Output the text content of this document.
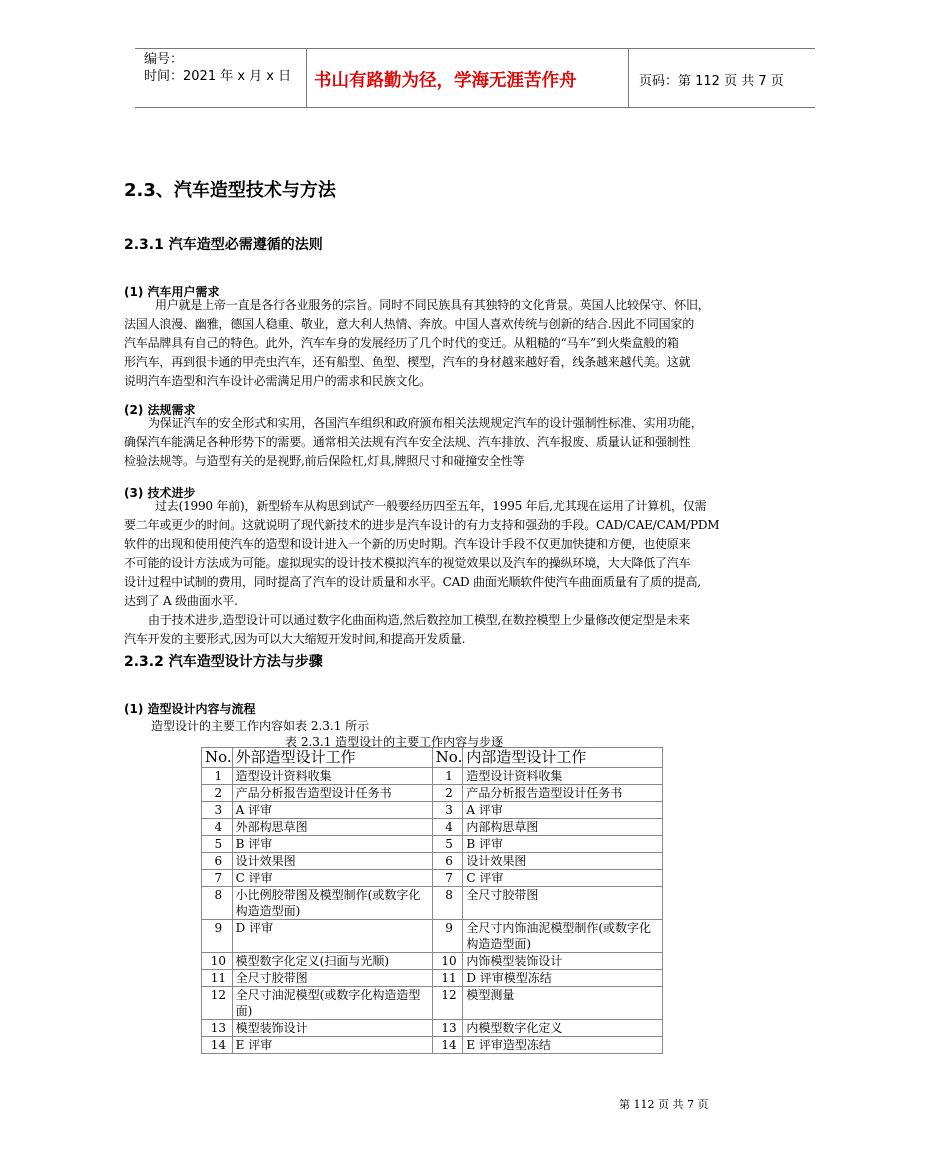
编号：
时间：2021 年 x 月 x 日 书山有路勤为径，学海无涯苦作舟	页码：第 112 页 共 7 页
2.3、汽车造型技术与方法
2.3.1 汽车造型必需遵循的法则
(1) 汽车用户需求
用户就是上帝一直是各行各业服务的宗旨。同时不同民族具有其独特的文化背景。英国人比较保守、怀旧，
法国人浪漫、幽雅，德国人稳重、敬业，意大利人热情、奔放。中国人喜欢传统与创新的结合.因此不同国家的
汽车品牌具有自己的特色。此外，汽车车身的发展经历了几个时代的变迁。从粗糙的“马车”到火柴盒般的箱
形汽车，再到很卡通的甲壳虫汽车，还有船型、鱼型、楔型，汽车的身材越来越好看，线条越来越代美。这就
说明汽车造型和汽车设计必需满足用户的需求和民族文化。
(2) 法规需求
为保证汽车的安全形式和实用，各国汽车组织和政府颁布相关法规规定汽车的设计强制性标准、实用功能，
确保汽车能满足各种形势下的需要。通常相关法规有汽车安全法规、汽车排放、汽车报废、质量认证和强制性
检验法规等。与造型有关的是视野,前后保险杠,灯具,牌照尺寸和碰撞安全性等
(3) 技术进步
过去(1990 年前)，新型轿车从构思到试产一般要经历四至五年，1995 年后,尤其现在运用了计算机，仅需
要二年或更少的时间。这就说明了现代新技术的进步是汽车设计的有力支持和强劲的手段。CAD/CAE/CAM/PDM
软件的出现和使用使汽车的造型和设计进入一个新的历史时期。汽车设计手段不仅更加快捷和方便，也使原来
不可能的设计方法成为可能。虚拟现实的设计技术模拟汽车的视觉效果以及汽车的操纵环境，大大降低了汽车
设计过程中试制的费用，同时提高了汽车的设计质量和水平。CAD 曲面光顺软件使汽车曲面质量有了质的提高,
达到了 A 级曲面水平.
由于技术进步,造型设计可以通过数字化曲面构造,然后数控加工模型,在数控模型上少量修改便定型是未来
汽车开发的主要形式,因为可以大大缩短开发时间,和提高开发质量.
2.3.2 汽车造型设计方法与步骤
(1) 造型设计内容与流程
造型设计的主要工作内容如表 2.3.1 所示
表 2.3.1 造型设计的主要工作内容与步逐
No.	外部造型设计工作	No.	内部造型设计工作
1	造型设计资料收集	1	造型设计资料收集
2	产品分析报告造型设计任务书	2	产品分析报告造型设计任务书
3	A 评审	3	A 评审
4	外部构思草图	4	内部构思草图
5	B 评审	5	B 评审
6	设计效果图	6	设计效果图
7	C 评审	7	C 评审
8	小比例胶带图及模型制作(或数字化构造造型面)	8	全尺寸胶带图
9	D 评审	9	全尺寸内饰油泥模型制作(或数字化构造造型面)
10	模型数字化定义(扫面与光顺)	10	内饰模型装饰设计
11	全尺寸胶带图	11	D 评审模型冻结
12	全尺寸油泥模型(或数字化构造造型面)	12	模型测量
13	模型装饰设计	13	内模型数字化定义
14	E 评审	14	E 评审造型冻结
第 112 页 共 7 页
